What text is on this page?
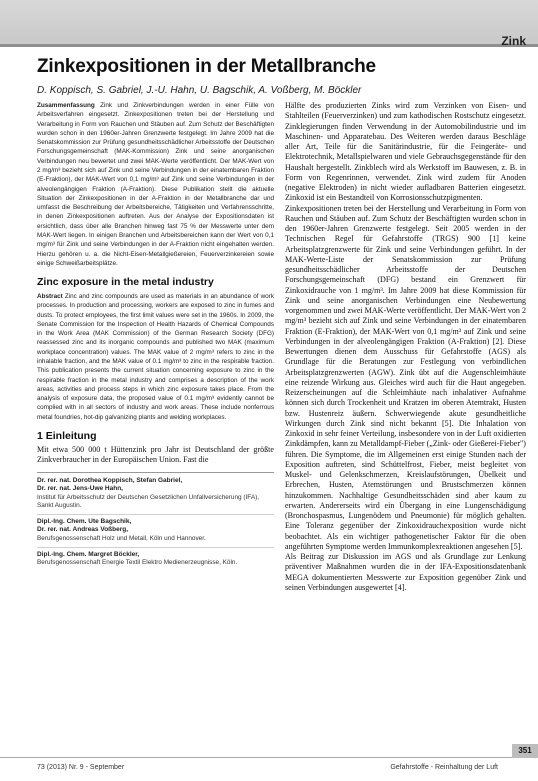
Zink
Zinkexpositionen in der Metallbranche
D. Koppisch, S. Gabriel, J.-U. Hahn, U. Bagschik, A. Voßberg, M. Böckler

Zusammenfassung Zink und Zinkverbindungen werden in einer Fülle von Arbeitsverfahren eingesetzt. Zinkexpositionen treten bei der Herstellung und Verarbeitung in Form von Rauchen und Stäuben auf. Zum Schutz der Beschäftigten wurden schon in den 1960er-Jahren Grenzwerte festgelegt. Im Jahre 2009 hat die Senatskommission zur Prüfung gesundheitsschädlicher Arbeitsstoffe der Deutschen Forschungsgemeinschaft (MAK-Kommission) Zink und seine anorganischen Verbindungen neu bewertet und zwei MAK-Werte veröffentlicht. Der MAK-Wert von 2 mg/m³ bezieht sich auf Zink und seine Verbindungen in der einatembaren Fraktion (E-Fraktion), der MAK-Wert von 0,1 mg/m³ auf Zink und seine Verbindungen in der alveolengängigen Fraktion (A-Fraktion). Diese Publikation stellt die aktuelle Situation der Zinkexpositionen in der A-Fraktion in der Metallbranche dar und umfasst die Beschreibung der Arbeitsbereiche, Tätigkeiten und Verfahrensschritte, in denen Zinkexpositionen auftreten. Aus der Analyse der Expositionsdaten ist ersichtlich, dass über alle Branchen hinweg fast 75 % der Messwerte unter dem MAK-Wert liegen. In einigen Branchen und Arbeitsbereichen kann der Wert von 0,1 mg/m³ für Zink und seine Verbindungen in der A-Fraktion nicht eingehalten werden. Hierzu gehören u. a. die Nicht-Eisen-Metallgießereien, Feuerverzinkereien sowie einige Schweißarbeitsplätze.

Zinc exposure in the metal industry

Abstract Zinc and zinc compounds are used as materials in an abundance of work processes. In production and processing, workers are exposed to zinc in fumes and dusts. To protect employees, the first limit values were set in the 1960s. In 2009, the Senate Commission for the Inspection of Health Hazards of Chemical Compounds in the Work Area (MAK Commission) of the German Research Society (DFG) reassessed zinc and its inorganic compounds and published two MAK (maximum workplace concentration) values. The MAK value of 2 mg/m³ refers to zinc in the inhalable fraction, and the MAK value of 0.1 mg/m³ to zinc in the respirable fraction. This publication presents the current situation concerning exposure to zinc in the respirable fraction in the metal industry and comprises a description of the work areas, activities and process steps in which zinc exposure takes place. From the analysis of exposure data, the proposed value of 0.1 mg/m³ evidently cannot be complied with in all sectors of industry and work areas. These include nonferrous metal foundries, hot-dip galvanizing plants and welding workplaces.

1 Einleitung

Mit etwa 500 000 t Hüttenzink pro Jahr ist Deutschland der größte Zinkverbraucher in der Europäischen Union. Fast die

Dr. rer. nat. Dorothea Koppisch, Stefan Gabriel,
Dr. rer. nat. Jens-Uwe Hahn,
Institut für Arbeitsschutz der Deutschen Gesetzlichen Unfallversicherung (IFA), Sankt Augustin.
Dipl.-Ing. Chem. Ute Bagschik,
Dr. rer. nat. Andreas Voßberg,
Berufsgenossenschaft Holz und Metall, Köln und Hannover.
Dipl.-Ing. Chem. Margret Böckler,
Berufsgenossenschaft Energie Textil Elektro Medienerzeugnisse, Köln.

Hälfte des produzierten Zinks wird zum Verzinken von Eisen- und Stahlteilen (Feuerverzinken) und zum kathodischen Rostschutz eingesetzt. Zinklegierungen finden Verwendung in der Automobilindustrie und im Maschinen- und Apparatebau. Des Weiteren werden daraus Beschläge aller Art, Teile für die Sanitärindustrie, für die Feingeräte- und Elektrotechnik, Metallspielwaren und viele Gebrauchsgegenstände für den Haushalt hergestellt. Zinkblech wird als Werkstoff im Bauwesen, z. B. in Form von Regenrinnen, verwendet. Zink wird zudem für Anoden (negative Elektroden) in nicht wieder aufladbaren Batterien eingesetzt. Zinkoxid ist ein Bestandteil von Korrosionsschutzpigmenten.

Zinkexpositionen treten bei der Herstellung und Verarbeitung in Form von Rauchen und Stäuben auf. Zum Schutz der Beschäftigten wurden schon in den 1960er-Jahren Grenzwerte festgelegt. Seit 2005 werden in der Technischen Regel für Gefahrstoffe (TRGS) 900 [1] keine Arbeitsplatzgrenzwerte für Zink und seine Verbindungen geführt. In der MAK-Werte-Liste der Senatskommission zur Prüfung gesundheitsschädlicher Arbeitsstoffe der Deutschen Forschungsgemeinschaft (DFG) bestand ein Grenzwert für Zinkoxidrauche von 1 mg/m³. Im Jahre 2009 hat diese Kommission für Zink und seine anorganischen Verbindungen eine Neubewertung vorgenommen und zwei MAK-Werte veröffentlicht. Der MAK-Wert von 2 mg/m³ bezieht sich auf Zink und seine Verbindungen in der einatembaren Fraktion (E-Fraktion), der MAK-Wert von 0,1 mg/m³ auf Zink und seine Verbindungen in der alveolengängigen Fraktion (A-Fraktion) [2]. Diese Bewertungen dienen dem Ausschuss für Gefahrstoffe (AGS) als Grundlage für die Beratungen zur Festlegung von verbindlichen Arbeitsplatzgrenzwerten (AGW). Zink übt auf die Augenschleimhäute eine reizende Wirkung aus. Gleiches wird auch für die Haut angegeben. Reizerscheinungen auf die Schleimhäute nach inhalativer Aufnahme können sich durch Trockenheit und Kratzen im oberen Atemtrakt, Husten bzw. Hustenreiz äußern. Schwerwiegende akute gesundheitliche Wirkungen durch Zink sind nicht bekannt [5]. Die Inhalation von Zinkoxid in sehr feiner Verteilung, insbesondere von in der Luft oxidierten Zinkdämpfen, kann zu Metalldampf-Fieber („Zink- oder Gießerei-Fieber") führen. Die Symptome, die im Allgemeinen erst einige Stunden nach der Exposition auftreten, sind Schüttelfrost, Fieber, meist begleitet von Muskel- und Gelenkschmerzen, Kreislaufstörungen, Übelkeit und Erbrechen, Husten, Atemstörungen und Brustschmerzen können hinzukommen. Nachhaltige Gesundheitsschäden sind aber kaum zu erwarten. Andererseits wird ein Übergang in eine Lungenschädigung (Bronchospasmus, Lungenödem und Pneumonie) für möglich gehalten. Eine Toleranz gegenüber der Zinkoxidrauchexposition wurde nicht beobachtet. Als ein wichtiger pathogenetischer Faktor für die oben angeführten Symptome werden Immunkomplexreaktionen angesehen [5].

Als Beitrag zur Diskussion im AGS und als Grundlage zur Lenkung präventiver Maßnahmen wurden die in der IFA-Expositionsdatenbank MEGA dokumentierten Messwerte zur Exposition gegenüber Zink und seinen Verbindungen ausgewertet [4].

73 (2013) Nr. 9 - September	Gefahrstoffe - Reinhaltung der Luft
351
